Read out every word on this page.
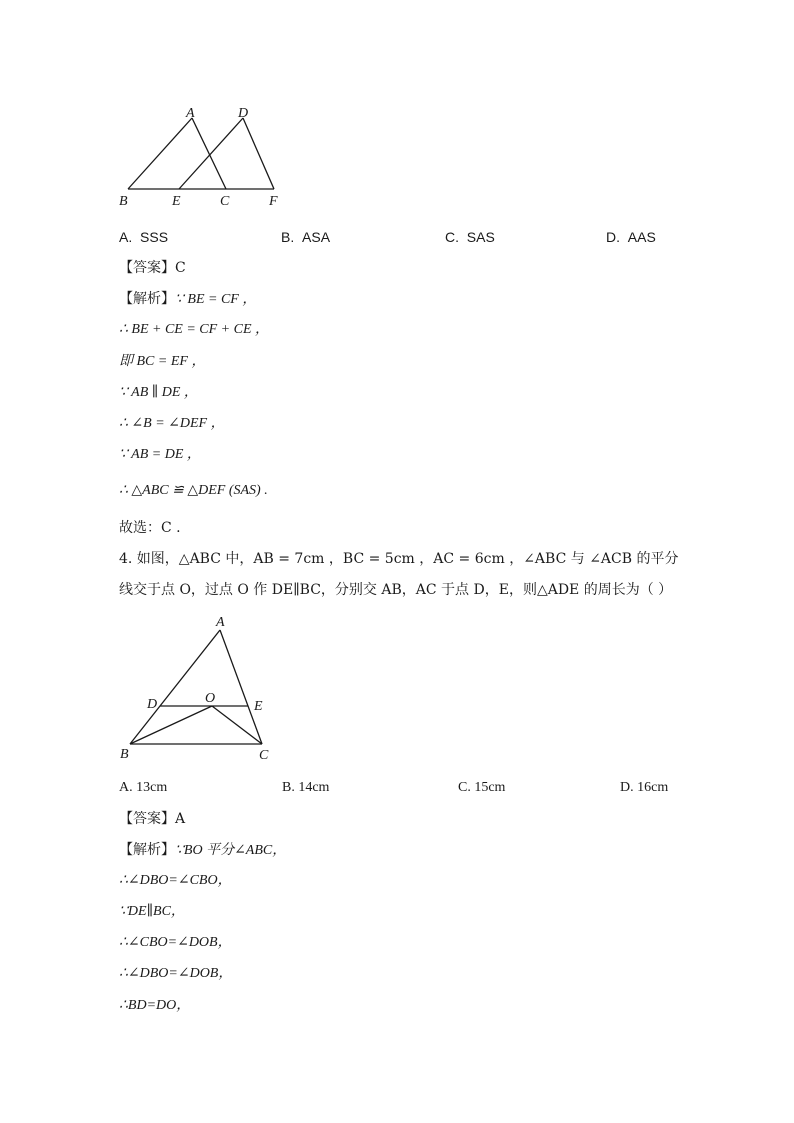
A	D
B	E	C	F
A
D	O
E
B	C
A. SSS	B. ASA	C. SAS	D. AAS
【答案】C
【解析】∵ BE = CF ，
∴ BE + CE = CF + CE ，
即 BC = EF ，
∵ AB ∥ DE ，
∴ ∠B = ∠DEF ，
∵ AB = DE ，
∴ △ABC ≌ △DEF (SAS) .
故选：C .
4. 如图，△ABC 中，AB = 7cm ，BC = 5cm ，AC = 6cm ，∠ABC 与 ∠ACB 的平分
线交于点 O，过点 O 作 DE∥BC，分别交 AB，AC 于点 D，E，则△ADE 的周长为（ ）
A. 13cm	B. 14cm	C. 15cm	D. 16cm
【答案】A
【解析】∵BO 平分∠ABC，
∴∠DBO=∠CBO，
∵DE∥BC，
∴∠CBO=∠DOB，
∴∠DBO=∠DOB，
∴BD=DO，
